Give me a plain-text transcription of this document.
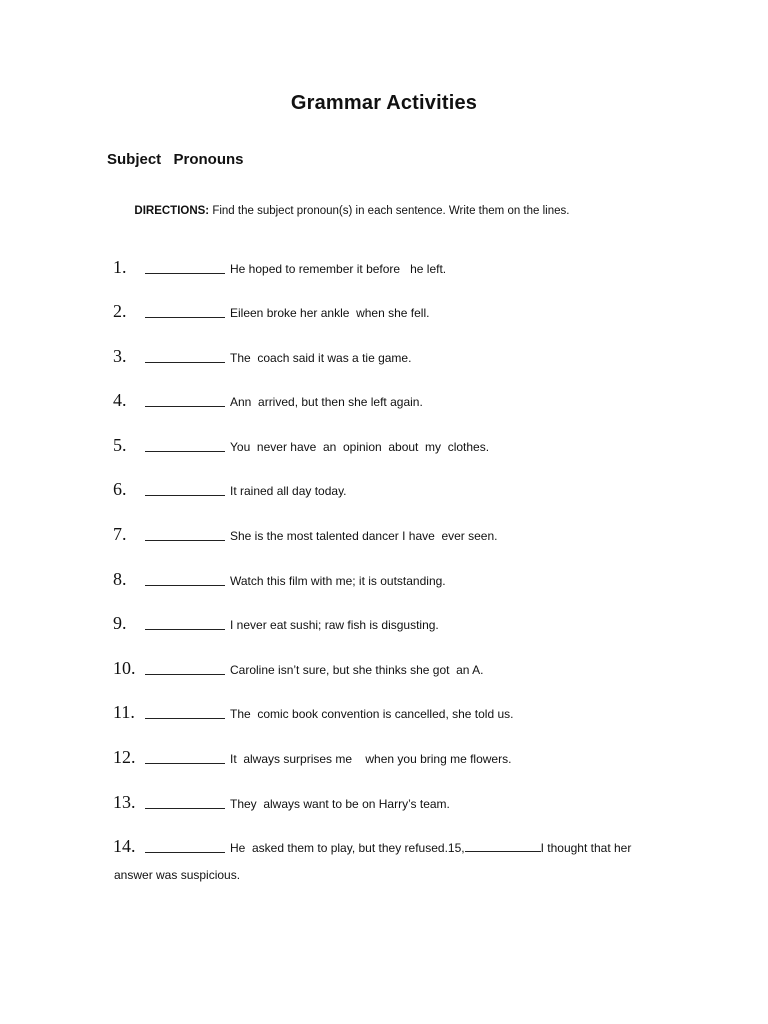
Grammar Activities
Subject  Pronouns

DIRECTIONS: Find the subject pronoun(s) in each sentence. Write them on the lines.

1.	He hoped to remember it before   he left.
2.	Eileen broke her ankle  when she fell.
3.	The  coach said it was a tie game.
4.	Ann  arrived, but then she left again.
5.	You  never have  an  opinion  about  my  clothes.
6.	It rained all day today.
7.	She is the most talented dancer I have  ever seen.
8.	Watch this film with me; it is outstanding.
9.	I never eat sushi; raw fish is disgusting.
10.	Caroline isn’t sure, but she thinks she got  an A.
11.	The  comic book convention is cancelled, she told us.
12.	It  always surprises me    when you bring me flowers.
13.	They  always want to be on Harry’s team.
14.	He  asked them to play, but they refused.15,	I thought that her
answer was suspicious.
